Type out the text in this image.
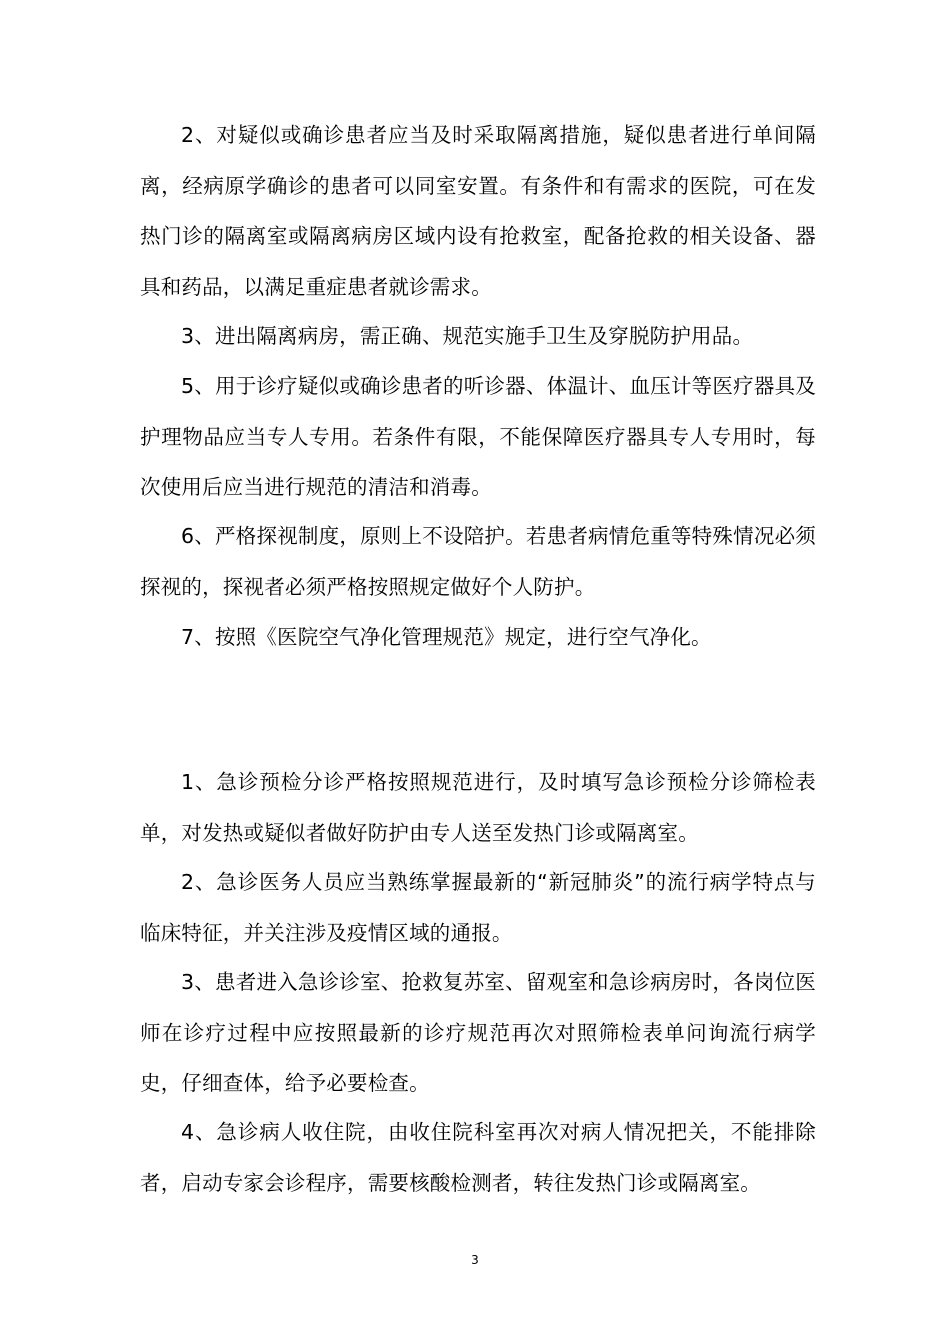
2、对疑似或确诊患者应当及时采取隔离措施，疑似患者进行单间隔离，经病原学确诊的患者可以同室安置。有条件和有需求的医院，可在发热门诊的隔离室或隔离病房区域内设有抢救室，配备抢救的相关设备、器具和药品，以满足重症患者就诊需求。

3、进出隔离病房，需正确、规范实施手卫生及穿脱防护用品。

5、用于诊疗疑似或确诊患者的听诊器、体温计、血压计等医疗器具及护理物品应当专人专用。若条件有限，不能保障医疗器具专人专用时，每次使用后应当进行规范的清洁和消毒。

6、严格探视制度，原则上不设陪护。若患者病情危重等特殊情况必须探视的，探视者必须严格按照规定做好个人防护。

7、按照《医院空气净化管理规范》规定，进行空气净化。

1、急诊预检分诊严格按照规范进行，及时填写急诊预检分诊筛检表单，对发热或疑似者做好防护由专人送至发热门诊或隔离室。

2、急诊医务人员应当熟练掌握最新的“新冠肺炎”的流行病学特点与临床特征，并关注涉及疫情区域的通报。

3、患者进入急诊诊室、抢救复苏室、留观室和急诊病房时，各岗位医师在诊疗过程中应按照最新的诊疗规范再次对照筛检表单问询流行病学史，仔细查体，给予必要检查。

4、急诊病人收住院，由收住院科室再次对病人情况把关，不能排除者，启动专家会诊程序，需要核酸检测者，转往发热门诊或隔离室。

3
